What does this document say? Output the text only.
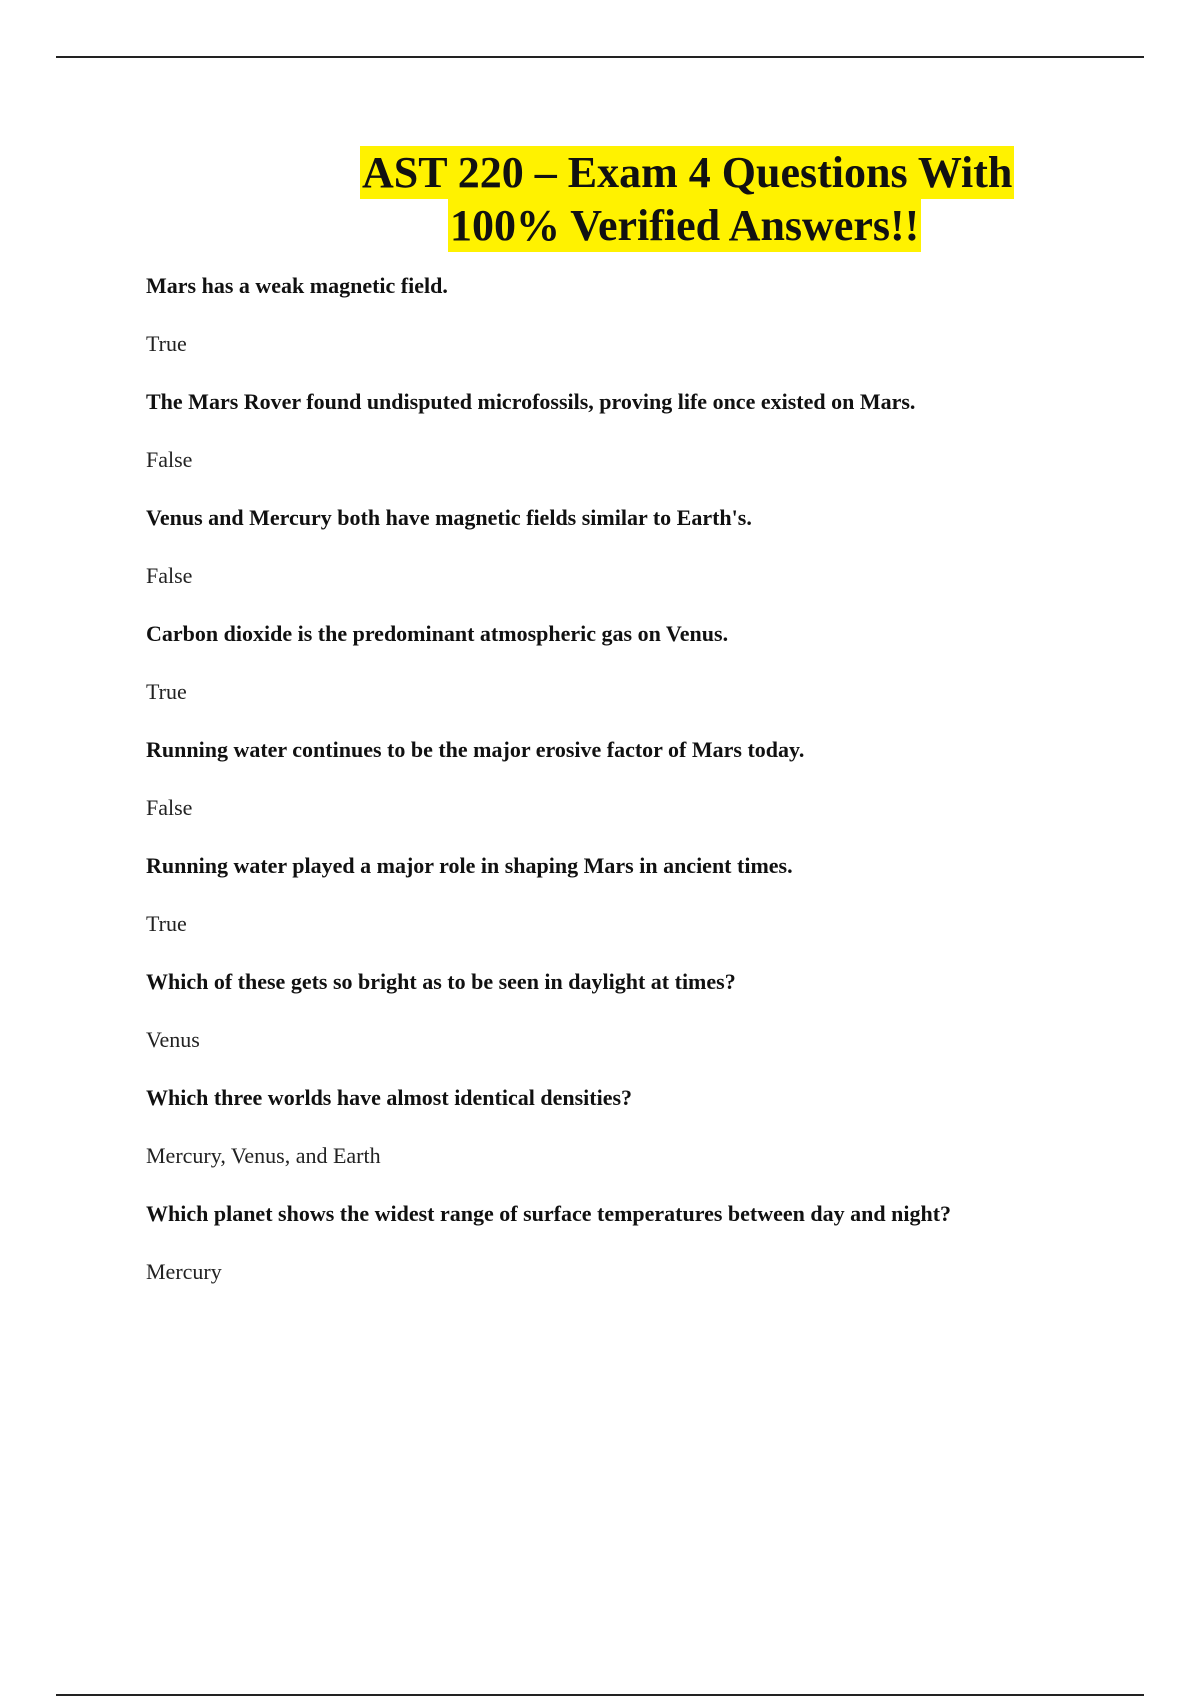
AST 220 – Exam 4 Questions With
100% Verified Answers!!

Mars has a weak magnetic field.

True

The Mars Rover found undisputed microfossils, proving life once existed on Mars.

False

Venus and Mercury both have magnetic fields similar to Earth's.

False

Carbon dioxide is the predominant atmospheric gas on Venus.

True

Running water continues to be the major erosive factor of Mars today.

False

Running water played a major role in shaping Mars in ancient times.

True

Which of these gets so bright as to be seen in daylight at times?

Venus

Which three worlds have almost identical densities?

Mercury, Venus, and Earth

Which planet shows the widest range of surface temperatures between day and night?

Mercury
